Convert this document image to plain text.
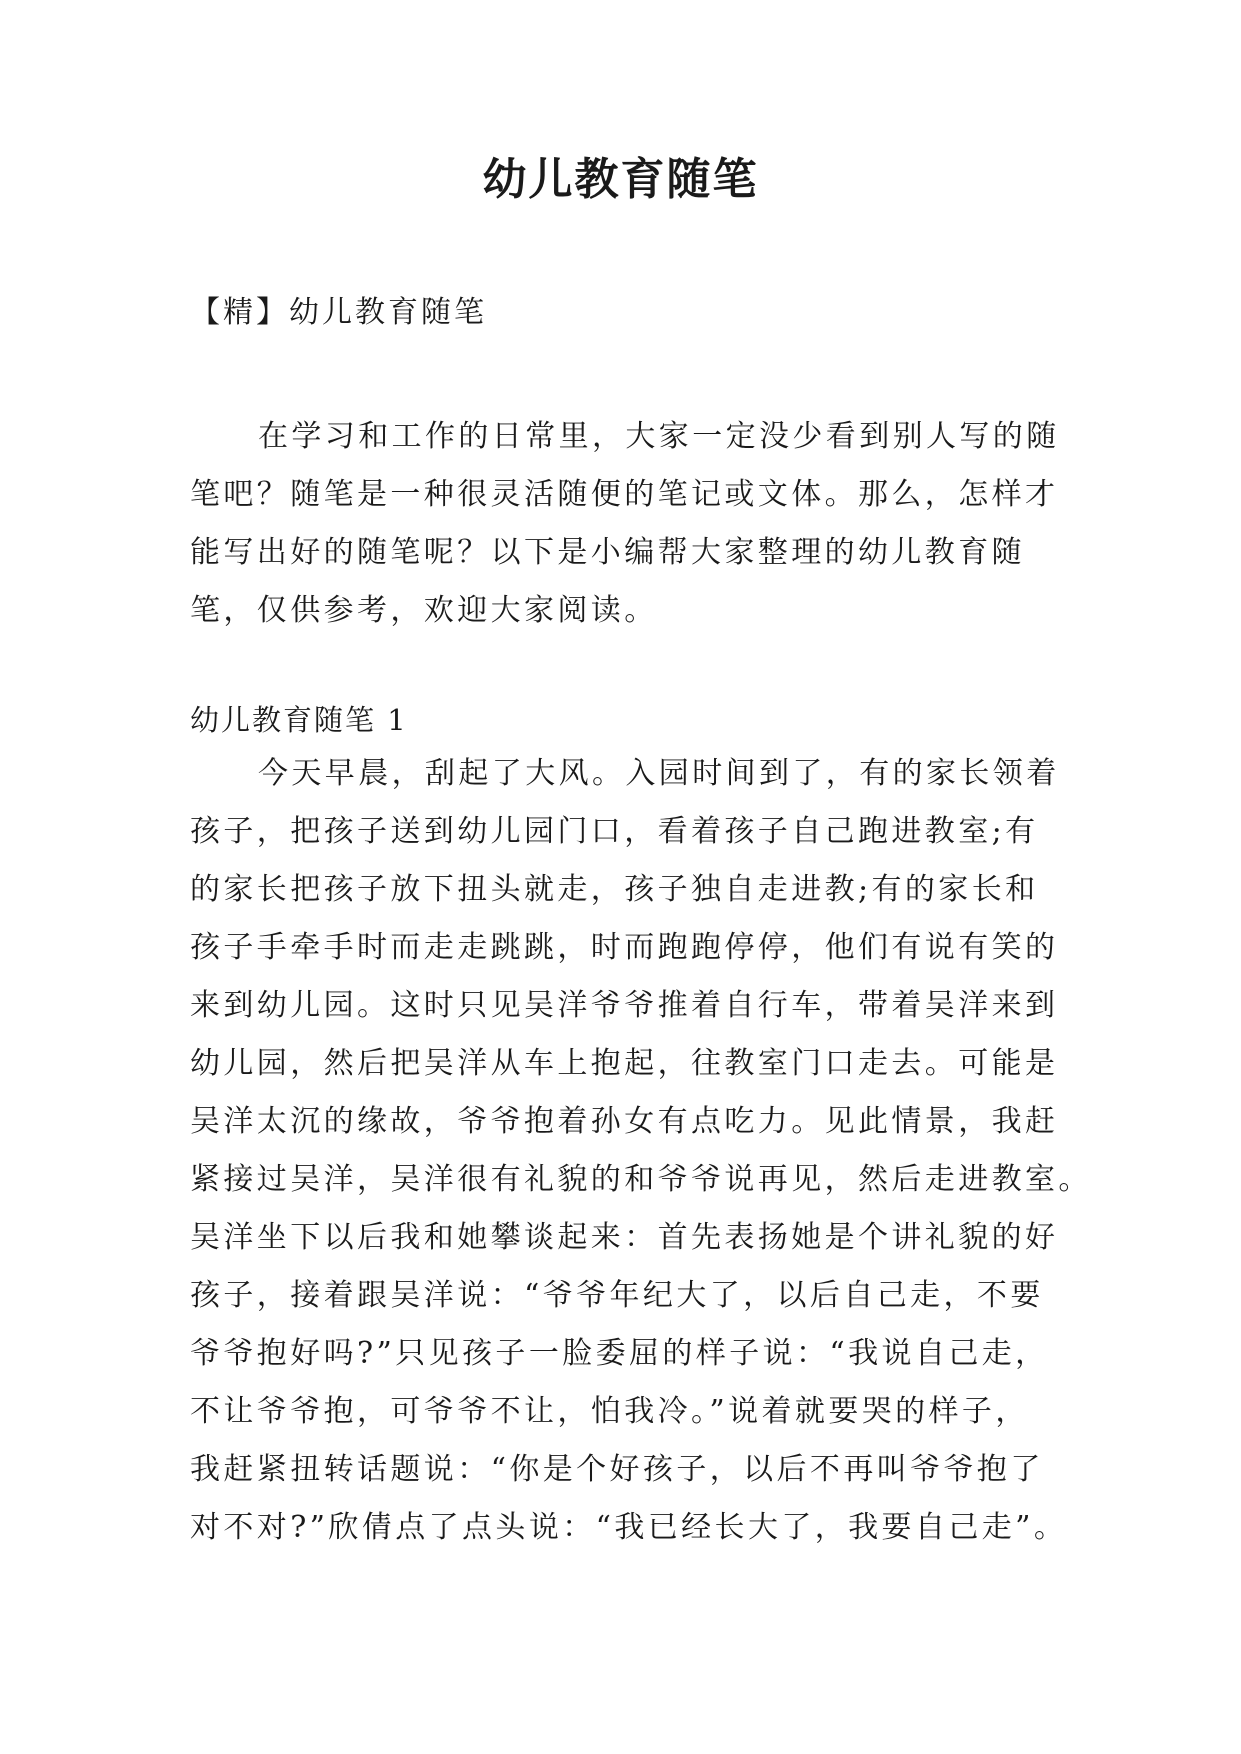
幼儿教育随笔
【精】幼儿教育随笔
在学习和工作的日常里，大家一定没少看到别人写的随
笔吧？随笔是一种很灵活随便的笔记或文体。那么，怎样才
能写出好的随笔呢？以下是小编帮大家整理的幼儿教育随
笔，仅供参考，欢迎大家阅读。
幼儿教育随笔 1
今天早晨，刮起了大风。入园时间到了，有的家长领着
孩子，把孩子送到幼儿园门口，看着孩子自己跑进教室;有
的家长把孩子放下扭头就走，孩子独自走进教;有的家长和
孩子手牵手时而走走跳跳，时而跑跑停停，他们有说有笑的
来到幼儿园。这时只见吴洋爷爷推着自行车，带着吴洋来到
幼儿园，然后把吴洋从车上抱起，往教室门口走去。可能是
吴洋太沉的缘故，爷爷抱着孙女有点吃力。见此情景，我赶
紧接过吴洋，吴洋很有礼貌的和爷爷说再见，然后走进教室。
吴洋坐下以后我和她攀谈起来：首先表扬她是个讲礼貌的好
孩子，接着跟吴洋说：“爷爷年纪大了，以后自己走，不要
爷爷抱好吗?”只见孩子一脸委屈的样子说：“我说自己走，
不让爷爷抱，可爷爷不让，怕我冷。”说着就要哭的样子，
我赶紧扭转话题说：“你是个好孩子，以后不再叫爷爷抱了
对不对?”欣倩点了点头说：“我已经长大了，我要自己走”。
